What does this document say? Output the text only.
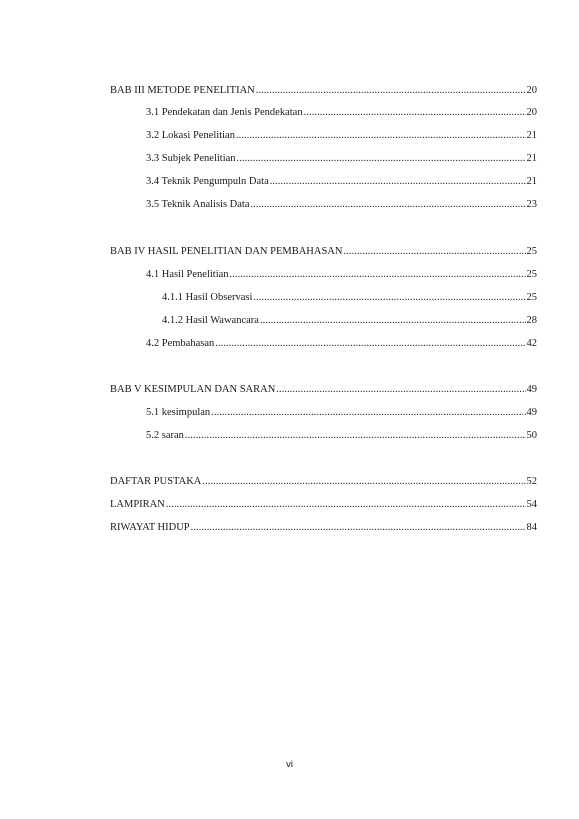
BAB III METODE PENELITIAN .....	20
3.1 Pendekatan dan Jenis Pendekatan .....	20
3.2 Lokasi Penelitian .....	21
3.3 Subjek Penelitian .....	21
3.4 Teknik Pengumpuln Data .....	21
3.5 Teknik Analisis Data .....	23
BAB IV HASIL PENELITIAN DAN PEMBAHASAN .....	25
4.1 Hasil Penelitian .....	25
4.1.1 Hasil Observasi .....	25
4.1.2 Hasil Wawancara .....	28
4.2 Pembahasan .....	42
BAB V KESIMPULAN DAN SARAN .....	49
5.1 kesimpulan .....	49
5.2 saran .....	50
DAFTAR PUSTAKA .....	52
LAMPIRAN .....	54
RIWAYAT HIDUP .....	84
vi
